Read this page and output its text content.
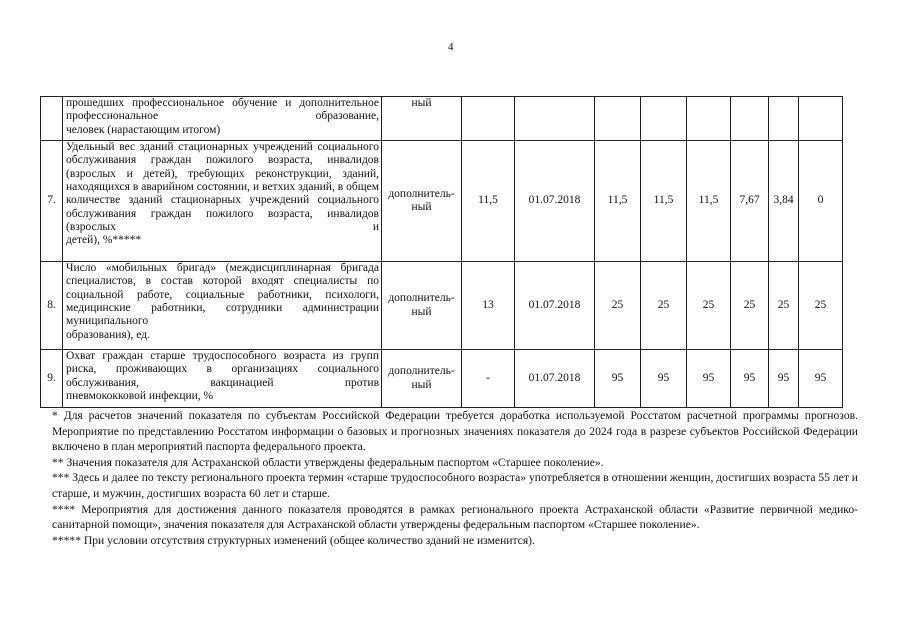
4
	прошедших профессиональное обучение и дополнительное профессиональное образование,
человек (нарастающим итогом)	ный								
7.	Удельный вес зданий стационарных учреждений социального обслуживания граждан пожилого возраста, инвалидов (взрослых и детей), требующих реконструкции, зданий, находящихся в аварийном состоянии, и ветхих зданий, в общем количестве зданий стационарных учреждений социального обслуживания граждан пожилого возраста, инвалидов (взрослых и
детей), %*****	дополнитель-ный	11,5	01.07.2018	11,5	11,5	11,5	7,67	3,84	0
8.	Число «мобильных бригад» (междисциплинарная бригада специалистов, в состав которой входят специалисты по социальной работе, социальные работники, психологи, медицинские работники, сотрудники администрации муниципального
образования), ед.	дополнитель-ный	13	01.07.2018	25	25	25	25	25	25
9.	Охват граждан старше трудоспособного возраста из групп риска, проживающих в организациях социального обслуживания, вакцинацией против
пневмококковой инфекции, %	дополнитель-ный	-	01.07.2018	95	95	95	95	95	95

* Для расчетов значений показателя по субъектам Российской Федерации требуется доработка используемой Росстатом расчетной программы прогнозов. Мероприятие по представлению Росстатом информации о базовых и прогнозных значениях показателя до 2024 года в разрезе субъектов Российской Федерации включено в план мероприятий паспорта федерального проекта.

** Значения показателя для Астраханской области утверждены федеральным паспортом «Старшее поколение».

*** Здесь и далее по тексту регионального проекта термин «старше трудоспособного возраста» употребляется в отношении женщин, достигших возраста 55 лет и старше, и мужчин, достигших возраста 60 лет и старше.

**** Мероприятия для достижения данного показателя проводятся в рамках регионального проекта Астраханской области «Развитие первичной медико-санитарной помощи», значения показателя для Астраханской области утверждены федеральным паспортом «Старшее поколение».

***** При условии отсутствия структурных изменений (общее количество зданий не изменится).
